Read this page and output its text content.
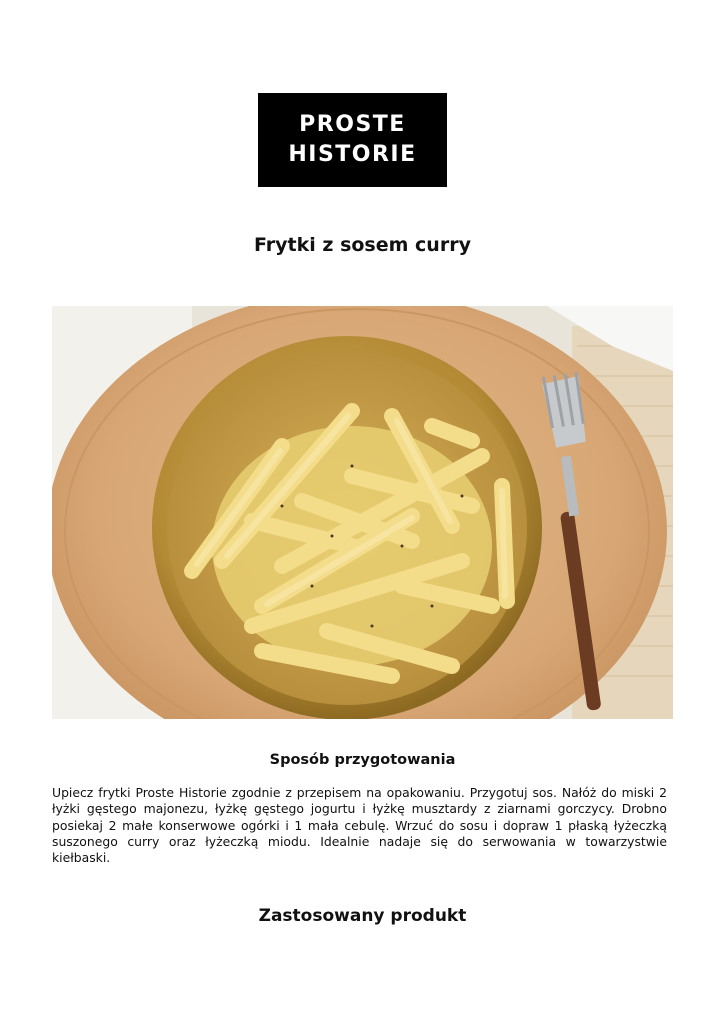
PROSTE
HISTORIE
Frytki z sosem curry
Sposób przygotowania

Upiecz frytki Proste Historie zgodnie z przepisem na opakowaniu. Przygotuj sos. Nałóż do miski 2 łyżki gęstego majonezu, łyżkę gęstego jogurtu i łyżkę musztardy z ziarnami gorczycy. Drobno posiekaj 2 małe konserwowe ogórki i 1 mała cebulę. Wrzuć do sosu i dopraw 1 płaską łyżeczką suszonego curry oraz łyżeczką miodu. Idealnie nadaje się do serwowania w towarzystwie kiełbaski.

Zastosowany produkt
